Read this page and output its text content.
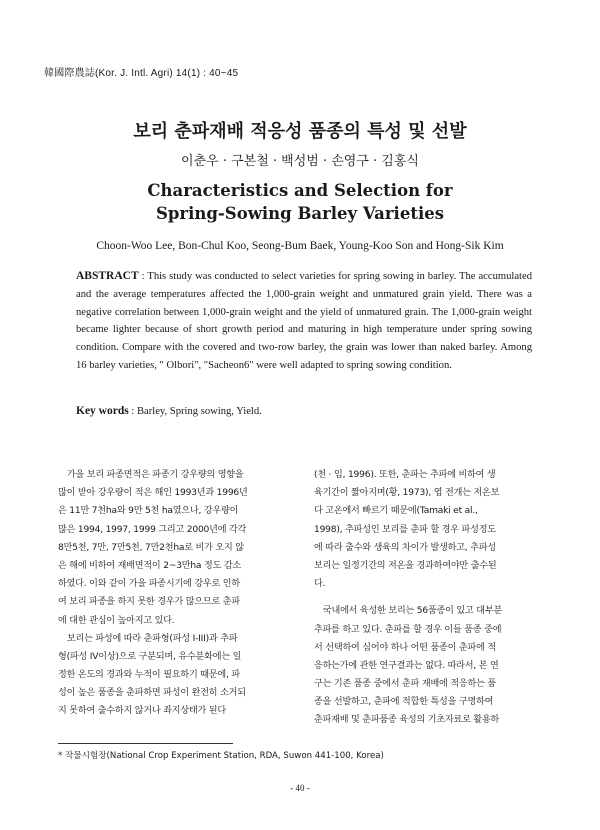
韓國際農誌(Kor. J. Intl. Agri) 14(1) : 40~45
보리 춘파재배 적응성 품종의 특성 및 선발
이춘우 · 구본철 · 백성범 · 손영구 · 김홍식
Characteristics and Selection for
Spring-Sowing Barley Varieties
Choon-Woo Lee, Bon-Chul Koo, Seong-Bum Baek, Young-Koo Son and Hong-Sik Kim
ABSTRACT : This study was conducted to select varieties for spring sowing in barley. The accumulated and the average temperatures affected the 1,000-grain weight and unmatured grain yield. There was a negative correlation between 1,000-grain weight and the yield of unmatured grain. The 1,000-grain weight became lighter because of short growth period and maturing in high temperature under spring sowing condition. Compare with the covered and two-row barley, the grain was lower than naked barley. Among 16 barley varieties, " Olbori", "Sacheon6" were well adapted to spring sowing condition.
Key words : Barley, Spring sowing, Yield.
　가을 보리 파종면적은 파종기 강우량의 영향을
많이 받아 강우량이 적은 해인 1993년과 1996년
은 11만 7천ha와 9만 5천 ha였으나, 강우량이
많은 1994, 1997, 1999 그리고 2000년에 각각
8만5천, 7만, 7만5천, 7만2천ha로 비가 오지 않
은 해에 비하여 재배면적이 2~3만ha 정도 감소
하였다. 이와 같이 가을 파종시기에 강우로 인하
여 보리 파종을 하지 못한 경우가 많으므로 춘파
에 대한 관심이 높아지고 있다.
　보리는 파성에 따라 춘파형(파성 I-III)과 추파
형(파성 IV이상)으로 구분되며, 유수분화에는 일
정한 온도의 경과와 누적이 필요하기 때문에, 파
성이 높은 품종을 춘파하면 파성이 완전히 소거되
지 못하여 출수하지 않거나 좌지상태가 된다
(천 · 임, 1996). 또한, 춘파는 추파에 비하여 생
육기간이 짧아지며(황, 1973), 엽 전개는 저온보
다 고온에서 빠르기 때문에(Tamaki et al.,
1998), 추파성인 보리를 춘파 할 경우 파성정도
에 따라 출수와 생육의 차이가 발생하고, 추파성
보리는 일정기간의 저온을 경과하여야만 출수된
다.
　국내에서 육성한 보리는 56품종이 있고 대부분
추파를 하고 있다. 춘파를 할 경우 이들 품종 중에
서 선택하여 심어야 하나 어떤 품종이 춘파에 적
응하는가에 관한 연구결과는 없다. 따라서, 본 연
구는 기존 품종 중에서 춘파 재배에 적응하는 품
종을 선발하고, 춘파에 적합한 특성을 구명하여
춘파재배 및 춘파품종 육성의 기초자료로 활용하
* 작물시험장(National Crop Experiment Station, RDA, Suwon 441-100, Korea)
- 40 -
